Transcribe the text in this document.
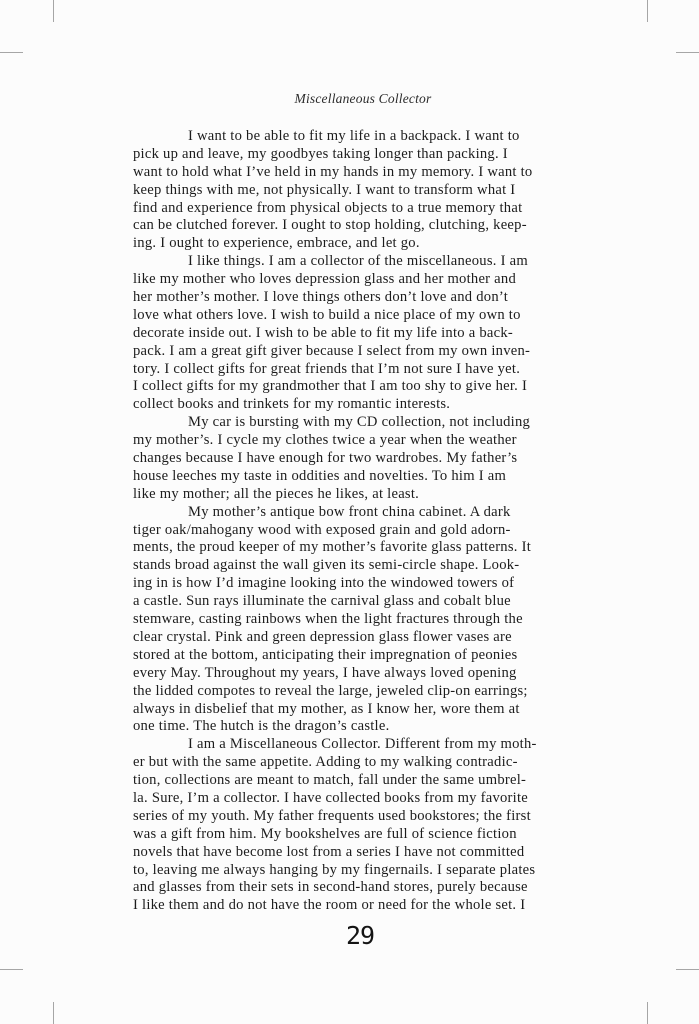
Miscellaneous Collector
I want to be able to fit my life in a backpack. I want to
pick up and leave, my goodbyes taking longer than packing. I
want to hold what I’ve held in my hands in my memory. I want to
keep things with me, not physically. I want to transform what I
find and experience from physical objects to a true memory that
can be clutched forever. I ought to stop holding, clutching, keep-
ing. I ought to experience, embrace, and let go.
I like things. I am a collector of the miscellaneous. I am
like my mother who loves depression glass and her mother and
her mother’s mother. I love things others don’t love and don’t
love what others love. I wish to build a nice place of my own to
decorate inside out. I wish to be able to fit my life into a back-
pack. I am a great gift giver because I select from my own inven-
tory. I collect gifts for great friends that I’m not sure I have yet.
I collect gifts for my grandmother that I am too shy to give her. I
collect books and trinkets for my romantic interests.
My car is bursting with my CD collection, not including
my mother’s. I cycle my clothes twice a year when the weather
changes because I have enough for two wardrobes. My father’s
house leeches my taste in oddities and novelties. To him I am
like my mother; all the pieces he likes, at least.
My mother’s antique bow front china cabinet. A dark
tiger oak/mahogany wood with exposed grain and gold adorn-
ments, the proud keeper of my mother’s favorite glass patterns. It
stands broad against the wall given its semi-circle shape. Look-
ing in is how I’d imagine looking into the windowed towers of
a castle. Sun rays illuminate the carnival glass and cobalt blue
stemware, casting rainbows when the light fractures through the
clear crystal. Pink and green depression glass flower vases are
stored at the bottom, anticipating their impregnation of peonies
every May. Throughout my years, I have always loved opening
the lidded compotes to reveal the large, jeweled clip-on earrings;
always in disbelief that my mother, as I know her, wore them at
one time. The hutch is the dragon’s castle.
I am a Miscellaneous Collector. Different from my moth-
er but with the same appetite. Adding to my walking contradic-
tion, collections are meant to match, fall under the same umbrel-
la. Sure, I’m a collector. I have collected books from my favorite
series of my youth. My father frequents used bookstores; the first
was a gift from him. My bookshelves are full of science fiction
novels that have become lost from a series I have not committed
to, leaving me always hanging by my fingernails. I separate plates
and glasses from their sets in second-hand stores, purely because
I like them and do not have the room or need for the whole set. I
29
